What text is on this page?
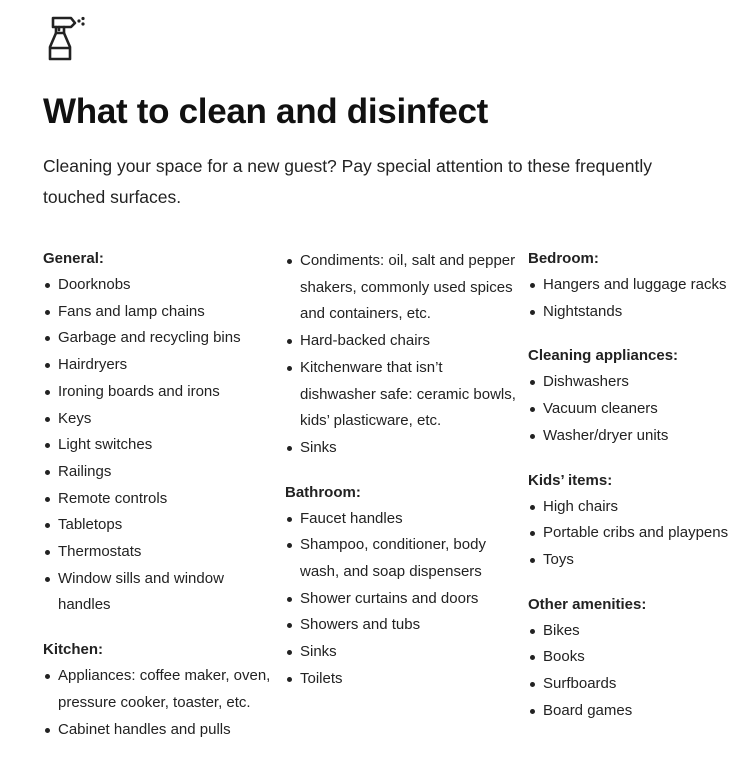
What to clean and disinfect

Cleaning your space for a new guest? Pay special attention to these frequently touched surfaces.

General:
Doorknobs
Fans and lamp chains
Garbage and recycling bins
Hairdryers
Ironing boards and irons
Keys
Light switches
Railings
Remote controls
Tabletops
Thermostats
Window sills and window handles
Kitchen:
Appliances: coffee maker, oven, pressure cooker, toaster, etc.
Cabinet handles and pulls
Condiments: oil, salt and pepper shakers, commonly used spices and containers, etc.
Hard-backed chairs
Kitchenware that isn’t dishwasher safe: ceramic bowls, kids’ plasticware, etc.
Sinks
Bathroom:
Faucet handles
Shampoo, conditioner, body wash, and soap dispensers
Shower curtains and doors
Showers and tubs
Sinks
Toilets
Bedroom:
Hangers and luggage racks
Nightstands
Cleaning appliances:
Dishwashers
Vacuum cleaners
Washer/dryer units
Kids’ items:
High chairs
Portable cribs and playpens
Toys
Other amenities:
Bikes
Books
Surfboards
Board games
